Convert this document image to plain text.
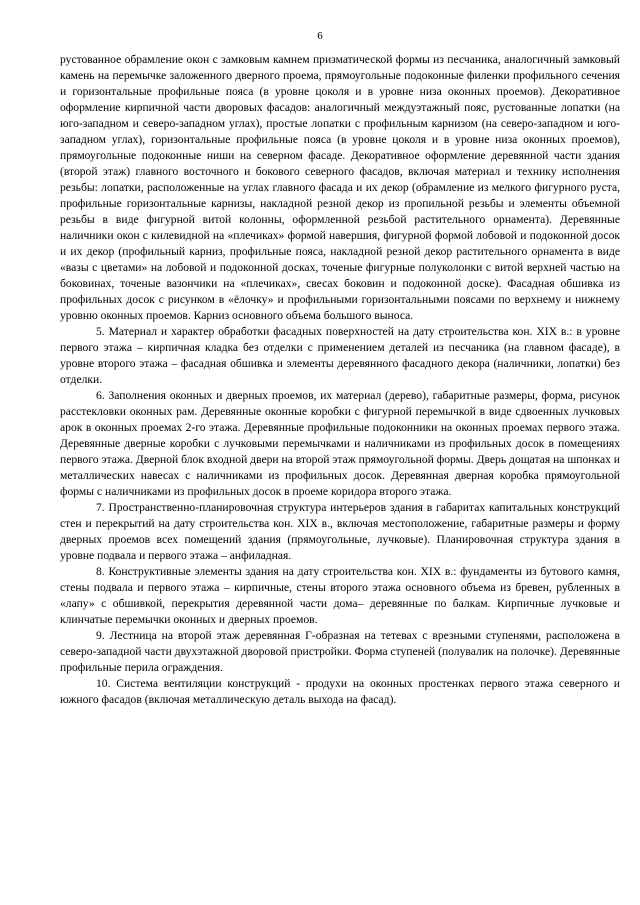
6

рустованное обрамление окон с замковым камнем призматической формы из песчаника, аналогичный замковый камень на перемычке заложенного дверного проема, прямоугольные подоконные филенки профильного сечения и горизонтальные профильные пояса (в уровне цоколя и в уровне низа оконных проемов). Декоративное оформление кирпичной части дворовых фасадов: аналогичный междуэтажный пояс, рустованные лопатки (на юго-западном и северо-западном углах), простые лопатки с профильным карнизом (на северо-западном и юго-западном углах), горизонтальные профильные пояса (в уровне цоколя и в уровне низа оконных проемов), прямоугольные подоконные ниши на северном фасаде. Декоративное оформление деревянной части здания (второй этаж) главного восточного и бокового северного фасадов, включая материал и технику исполнения резьбы: лопатки, расположенные на углах главного фасада и их декор (обрамление из мелкого фигурного руста, профильные горизонтальные карнизы, накладной резной декор из пропильной резьбы и элементы объемной резьбы в виде фигурной витой колонны, оформленной резьбой растительного орнамента). Деревянные наличники окон с килевидной на «плечиках» формой навершия, фигурной формой лобовой и подоконной досок и их декор (профильный карниз, профильные пояса, накладной резной декор растительного орнамента в виде «вазы с цветами» на лобовой и подоконной досках, точеные фигурные полуколонки с витой верхней частью на боковинах, точеные вазончики на «плечиках», свесах боковин и подоконной доске). Фасадная обшивка из профильных досок с рисунком в «ёлочку» и профильными горизонтальными поясами по верхнему и нижнему уровню оконных проемов. Карниз основного объема большого выноса.

5. Материал и характер обработки фасадных поверхностей на дату строительства кон. XIX в.: в уровне первого этажа – кирпичная кладка без отделки с применением деталей из песчаника (на главном фасаде), в уровне второго этажа – фасадная обшивка и элементы деревянного фасадного декора (наличники, лопатки) без отделки.

6. Заполнения оконных и дверных проемов, их материал (дерево), габаритные размеры, форма, рисунок расстекловки оконных рам. Деревянные оконные коробки с фигурной перемычкой в виде сдвоенных лучковых арок в оконных проемах 2-го этажа. Деревянные профильные подоконники на оконных проемах первого этажа. Деревянные дверные коробки с лучковыми перемычками и наличниками из профильных досок в помещениях первого этажа. Дверной блок входной двери на второй этаж прямоугольной формы. Дверь дощатая на шпонках и металлических навесах с наличниками из профильных досок. Деревянная дверная коробка прямоугольной формы с наличниками из профильных досок в проеме коридора второго этажа.

7. Пространственно-планировочная структура интерьеров здания в габаритах капитальных конструкций стен и перекрытий на дату строительства кон. XIX в., включая местоположение, габаритные размеры и форму дверных проемов всех помещений здания (прямоугольные, лучковые). Планировочная структура здания в уровне подвала и первого этажа – анфиладная.

8. Конструктивные элементы здания на дату строительства кон. XIX в.: фундаменты из бутового камня, стены подвала и первого этажа – кирпичные, стены второго этажа основного объема из бревен, рубленных в «лапу» с обшивкой, перекрытия деревянной части дома– деревянные по балкам. Кирпичные лучковые и клинчатые перемычки оконных и дверных проемов.

9. Лестница на второй этаж деревянная Г-образная на тетевах с врезными ступенями, расположена в северо-западной части двухэтажной дворовой пристройки. Форма ступеней (полувалик на полочке). Деревянные профильные перила ограждения.

10. Система вентиляции конструкций - продухи на оконных простенках первого этажа северного и южного фасадов (включая металлическую деталь выхода на фасад).
